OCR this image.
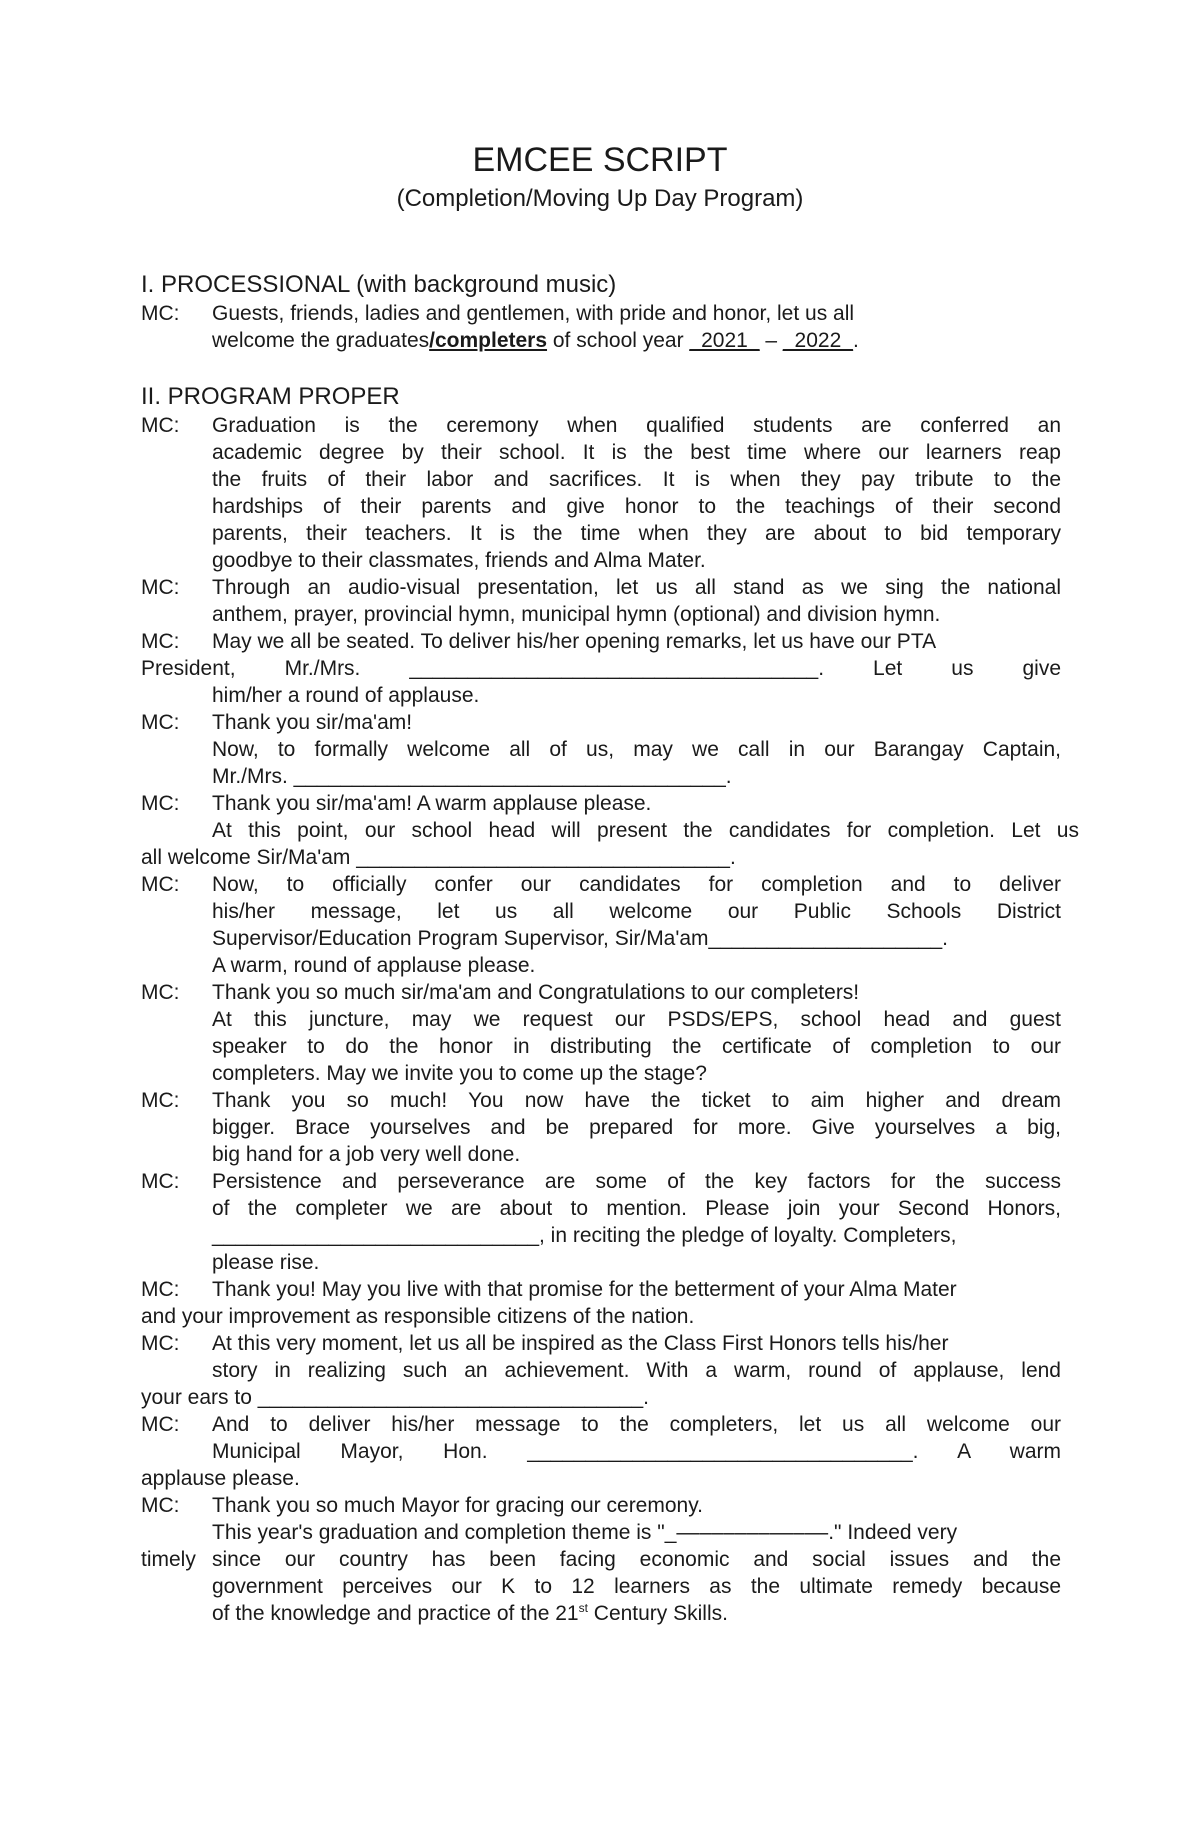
EMCEE SCRIPT
(Completion/Moving Up Day Program)
I. PROCESSIONAL (with background music)
MC: Guests, friends, ladies and gentlemen, with pride and honor, let us all
welcome the graduates/completers of school year _2021_ – _2022_.
II. PROGRAM PROPER
MC: Graduation is the ceremony when qualified students are conferred an
academic degree by their school. It is the best time where our learners reap
the fruits of their labor and sacrifices. It is when they pay tribute to the
hardships of their parents and give honor to the teachings of their second
parents, their teachers. It is the time when they are about to bid temporary
goodbye to their classmates, friends and Alma Mater.
MC: Through an audio-visual presentation, let us all stand as we sing the national
anthem, prayer, provincial hymn, municipal hymn (optional) and division hymn.
MC: May we all be seated. To deliver his/her opening remarks, let us have our PTA
President, Mr./Mrs. ___________________________________. Let us give
him/her a round of applause.
MC: Thank you sir/ma'am!
Now, to formally welcome all of us, may we call in our Barangay Captain,
Mr./Mrs. _____________________________________.
MC: Thank you sir/ma'am! A warm applause please.
At this point, our school head will present the candidates for completion. Let us
all welcome Sir/Ma'am ________________________________.
MC: Now, to officially confer our candidates for completion and to deliver
his/her message, let us all welcome our Public Schools District
Supervisor/Education Program Supervisor, Sir/Ma'am____________________.
A warm, round of applause please.
MC: Thank you so much sir/ma'am and Congratulations to our completers!
At this juncture, may we request our PSDS/EPS, school head and guest
speaker to do the honor in distributing the certificate of completion to our
completers. May we invite you to come up the stage?
MC: Thank you so much! You now have the ticket to aim higher and dream
bigger. Brace yourselves and be prepared for more. Give yourselves a big,
big hand for a job very well done.
MC: Persistence and perseverance are some of the key factors for the success
of the completer we are about to mention. Please join your Second Honors,
____________________________, in reciting the pledge of loyalty. Completers,
please rise.
MC: Thank you! May you live with that promise for the betterment of your Alma Mater
and your improvement as responsible citizens of the nation.
MC: At this very moment, let us all be inspired as the Class First Honors tells his/her
story in realizing such an achievement. With a warm, round of applause, lend
your ears to _________________________________.
MC: And to deliver his/her message to the completers, let us all welcome our
Municipal Mayor, Hon. _________________________________. A warm
applause please.
MC: Thank you so much Mayor for gracing our ceremony.
This year's graduation and completion theme is "_–––––––––––––." Indeed very
timely since our country has been facing economic and social issues and the
government perceives our K to 12 learners as the ultimate remedy because
of the knowledge and practice of the 21st Century Skills.
